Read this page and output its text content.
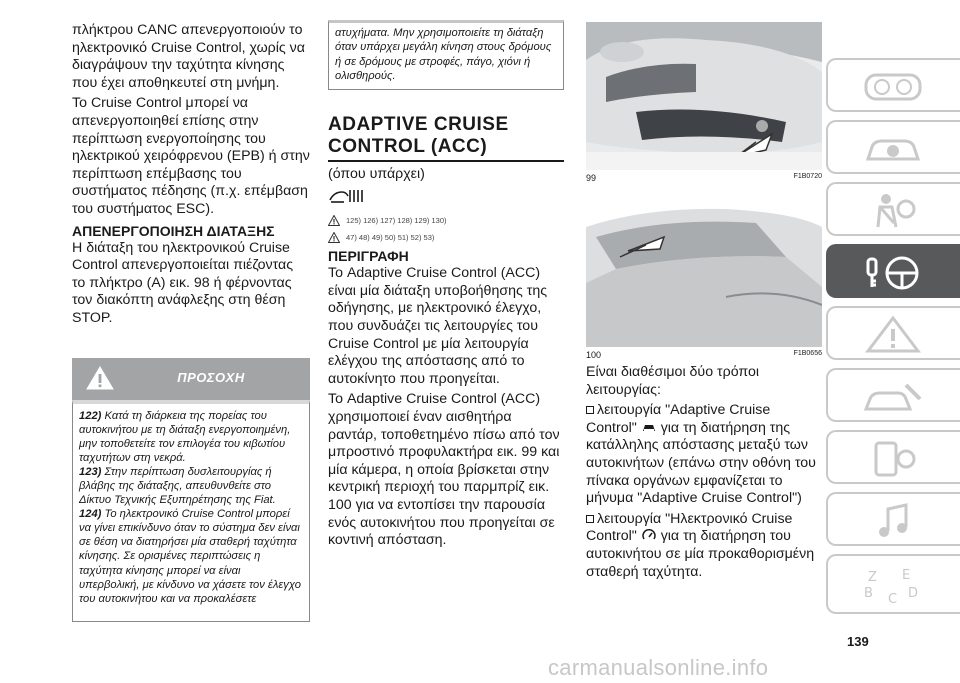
πλήκτρου CANC απενεργοποιούν το ηλεκτρονικό Cruise Control, χωρίς να διαγράψουν την ταχύτητα κίνησης που έχει αποθηκευτεί στη μνήμη.
Το Cruise Control μπορεί να απενεργοποιηθεί επίσης στην περίπτωση ενεργοποίησης του ηλεκτρικού χειρόφρενου (EPB) ή στην περίπτωση επέμβασης του συστήματος πέδησης (π.χ. επέμβαση του συστήματος ESC).
ΑΠΕΝΕΡΓΟΠΟΙΗΣΗ ΔΙΑΤΑΞΗΣ
Η διάταξη του ηλεκτρονικού Cruise Control απενεργοποιείται πιέζοντας το πλήκτρο (A) εικ. 98 ή φέρνοντας τον διακόπτη ανάφλεξης στη θέση STOP.
ΠΡΟΣΟΧΗ
122) Κατά τη διάρκεια της πορείας του αυτοκινήτου με τη διάταξη ενεργοποιημένη, μην τοποθετείτε τον επιλογέα του κιβωτίου ταχυτήτων στη νεκρά.
123) Στην περίπτωση δυσλειτουργίας ή βλάβης της διάταξης, απευθυνθείτε στο Δίκτυο Τεχνικής Εξυπηρέτησης της Fiat.
124) Το ηλεκτρονικό Cruise Control μπορεί να γίνει επικίνδυνο όταν το σύστημα δεν είναι σε θέση να διατηρήσει μία σταθερή ταχύτητα κίνησης. Σε ορισμένες περιπτώσεις η ταχύτητα κίνησης μπορεί να είναι υπερβολική, με κίνδυνο να χάσετε τον έλεγχο του αυτοκινήτου και να προκαλέσετε
ατυχήματα. Μην χρησιμοποιείτε τη διάταξη όταν υπάρχει μεγάλη κίνηση στους δρόμους ή σε δρόμους με στροφές, πάγο, χιόνι ή ολισθηρούς.
ADAPTIVE CRUISE
CONTROL (ACC)
(όπου υπάρχει)
125) 126) 127) 128) 129) 130)
47) 48) 49) 50) 51) 52) 53)
ΠΕΡΙΓΡΑΦΗ
Το Adaptive Cruise Control (ACC) είναι μία διάταξη υποβοήθησης της οδήγησης, με ηλεκτρονικό έλεγχο, που συνδυάζει τις λειτουργίες του Cruise Control με μία λειτουργία ελέγχου της απόστασης από το αυτοκίνητο που προηγείται.
Το Adaptive Cruise Control (ACC) χρησιμοποιεί έναν αισθητήρα ραντάρ, τοποθετημένο πίσω από τον μπροστινό προφυλακτήρα εικ. 99 και μία κάμερα, η οποία βρίσκεται στην κεντρική περιοχή του παρμπρίζ εικ. 100 για να εντοπίσει την παρουσία ενός αυτοκινήτου που προηγείται σε κοντινή απόσταση.
99	F1B0720
100	F1B0656
Είναι διαθέσιμοι δύο τρόποι λειτουργίας:
λειτουργία "Adaptive Cruise Control" για τη διατήρηση της κατάλληλης απόστασης μεταξύ των αυτοκινήτων (επάνω στην οθόνη του πίνακα οργάνων εμφανίζεται το μήνυμα "Adaptive Cruise Control")
λειτουργία "Ηλεκτρονικό Cruise Control" για τη διατήρηση του αυτοκινήτου σε μία προκαθορισμένη σταθερή ταχύτητα.
139
Z E
B C D
carmanualsonline.info
